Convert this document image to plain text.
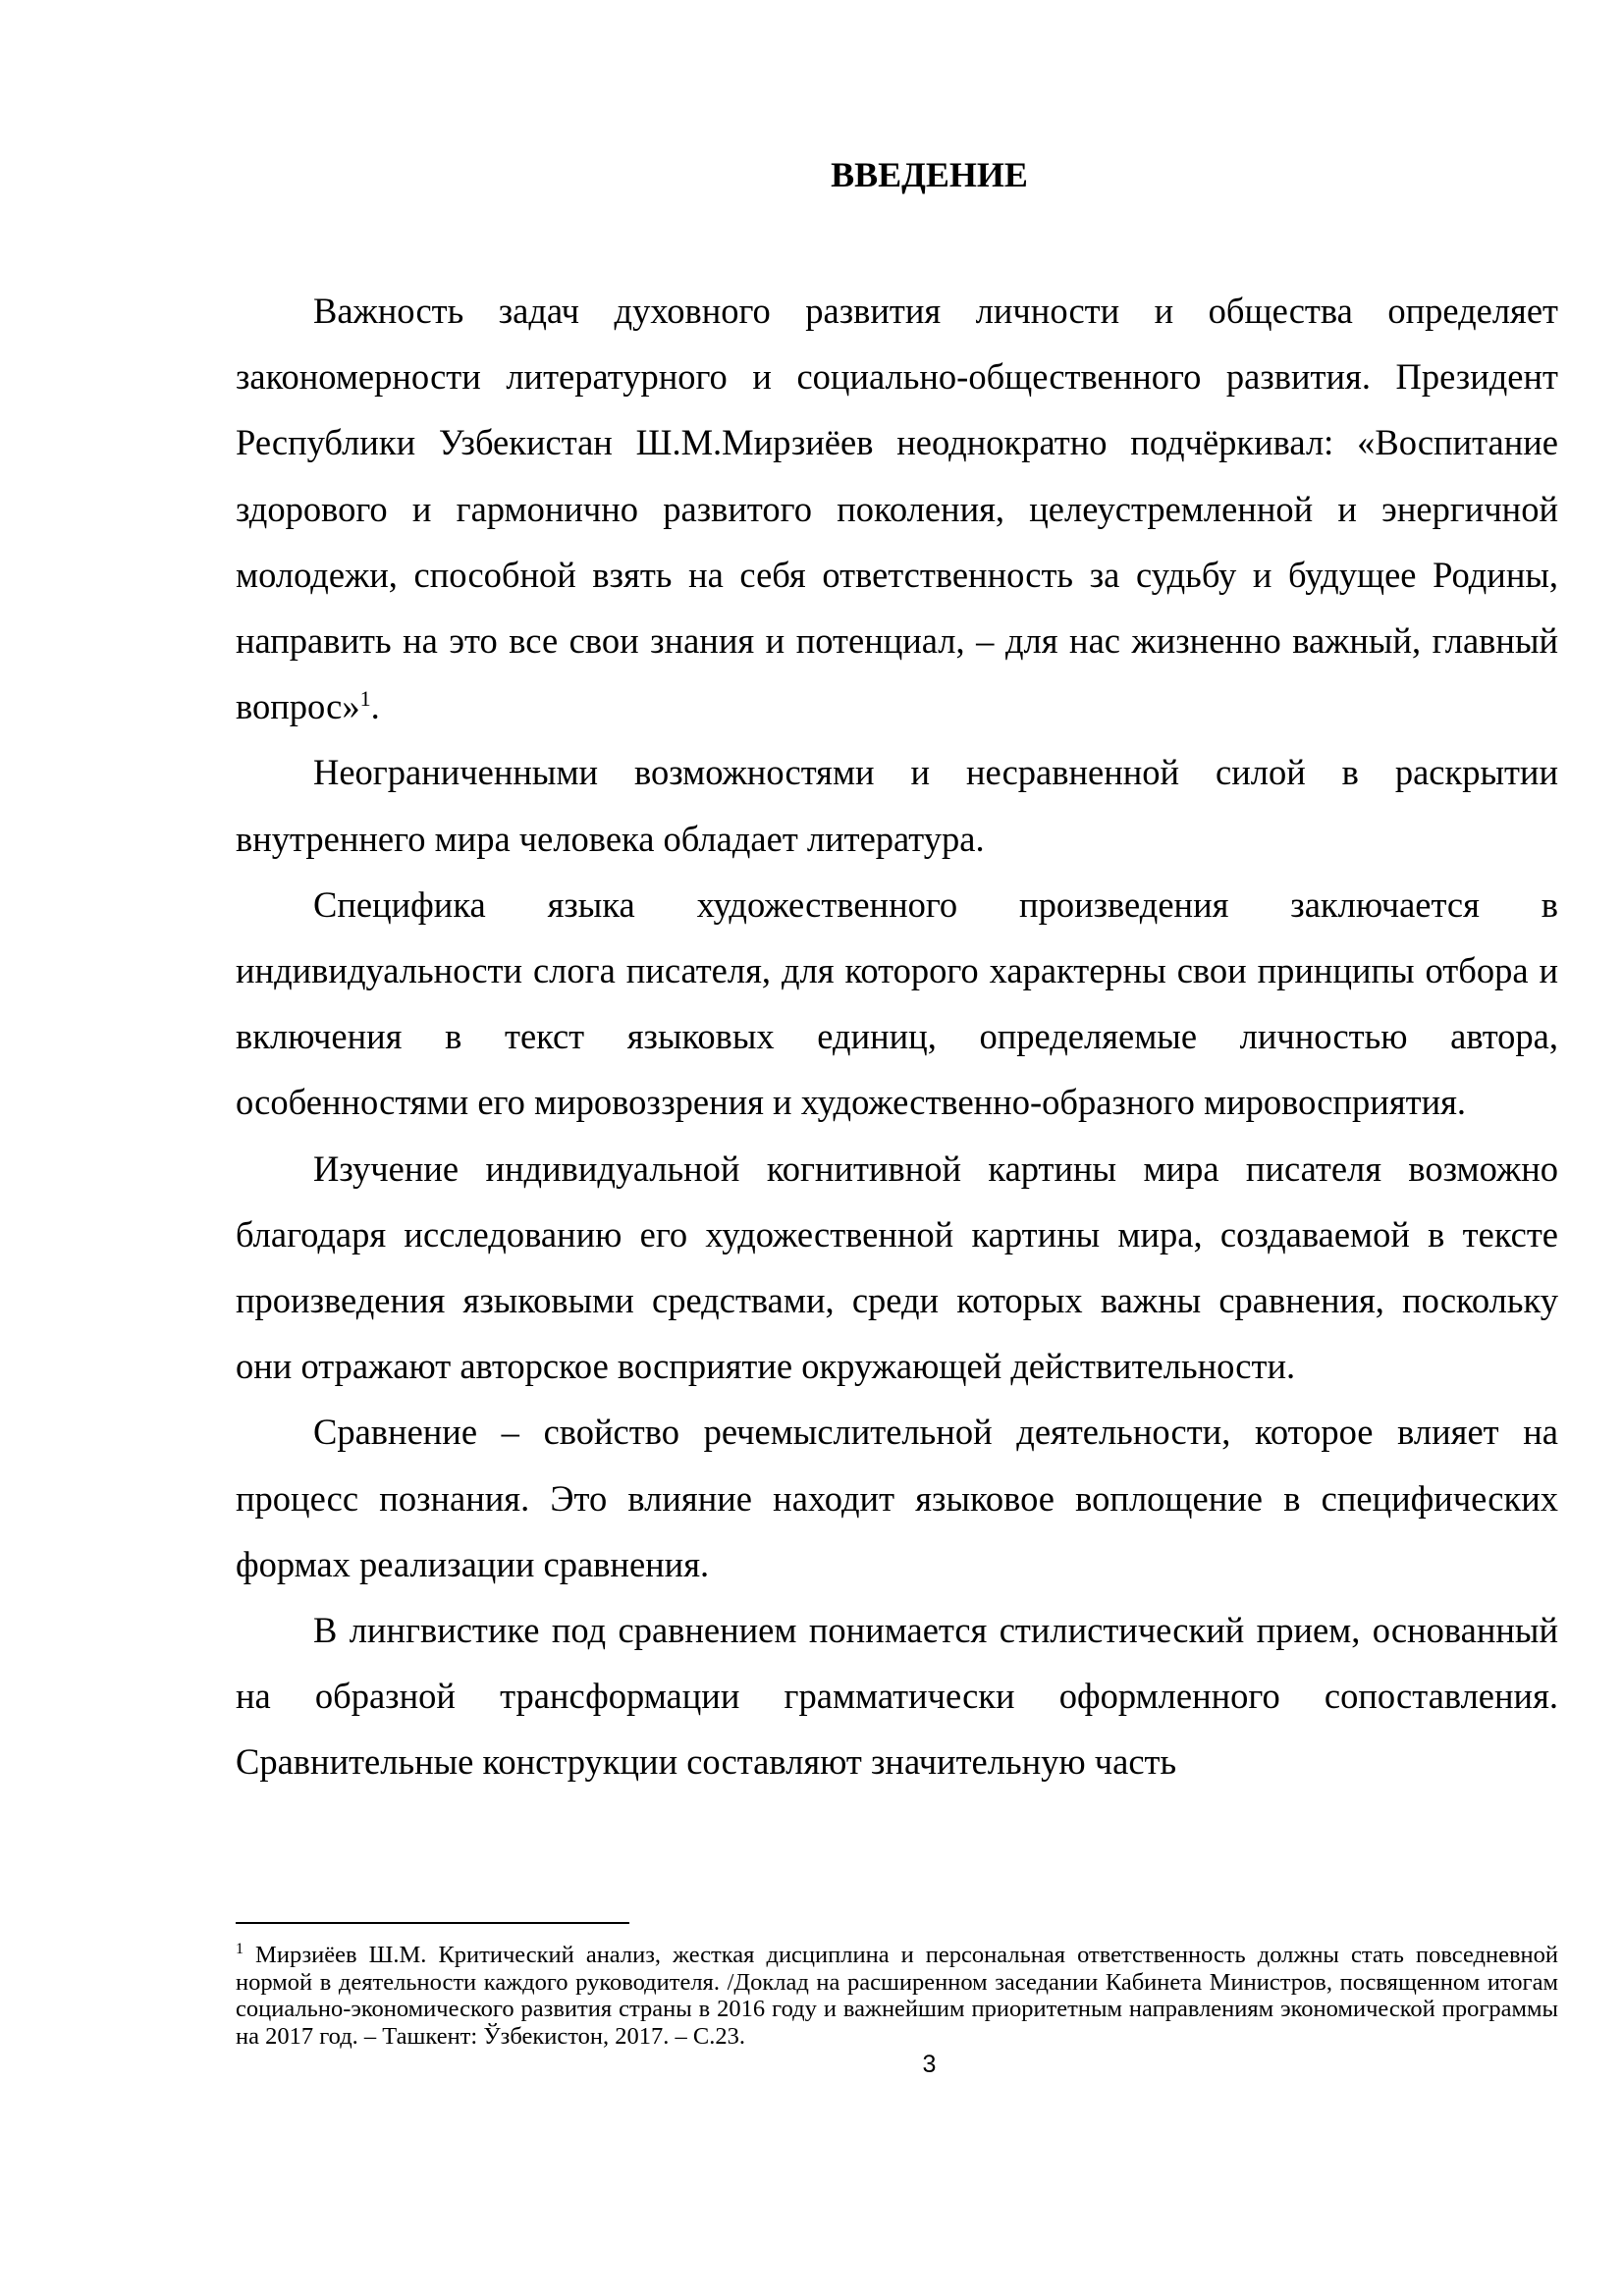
ВВЕДЕНИЕ

Важность задач духовного развития личности и общества определяет закономерности литературного и социально-общественного развития. Президент Республики Узбекистан Ш.М.Мирзиёев неоднократно подчёркивал: «Воспитание здорового и гармонично развитого поколения, целеустремленной и энергичной молодежи, способной взять на себя ответственность за судьбу и будущее Родины, направить на это все свои знания и потенциал, – для нас жизненно важный, главный вопрос»$^1$.

Неограниченными возможностями и несравненной силой в раскрытии внутреннего мира человека обладает литература.

Специфика языка художественного произведения заключается в индивидуальности слога писателя, для которого характерны свои принципы отбора и включения в текст языковых единиц, определяемые личностью автора, особенностями его мировоззрения и художественно-образного мировосприятия.

Изучение индивидуальной когнитивной картины мира писателя возможно благодаря исследованию его художественной картины мира, создаваемой в тексте произведения языковыми средствами, среди которых важны сравнения, поскольку они отражают авторское восприятие окружающей действительности.

Сравнение – свойство речемыслительной деятельности, которое влияет на процесс познания. Это влияние находит языковое воплощение в специфических формах реализации сравнения.

В лингвистике под сравнением понимается стилистический прием, основанный на образной трансформации грамматически оформленного сопоставления. Сравнительные конструкции составляют значительную часть

$^1$ Мирзиёев Ш.М. Критический анализ, жесткая дисциплина и персональная ответственность должны стать повседневной нормой в деятельности каждого руководителя. /Доклад на расширенном заседании Кабинета Министров, посвященном итогам социально-экономического развития страны в 2016 году и важнейшим приоритетным направлениям экономической программы на 2017 год. – Ташкент: Ўзбекистон, 2017. – С.23.

3
